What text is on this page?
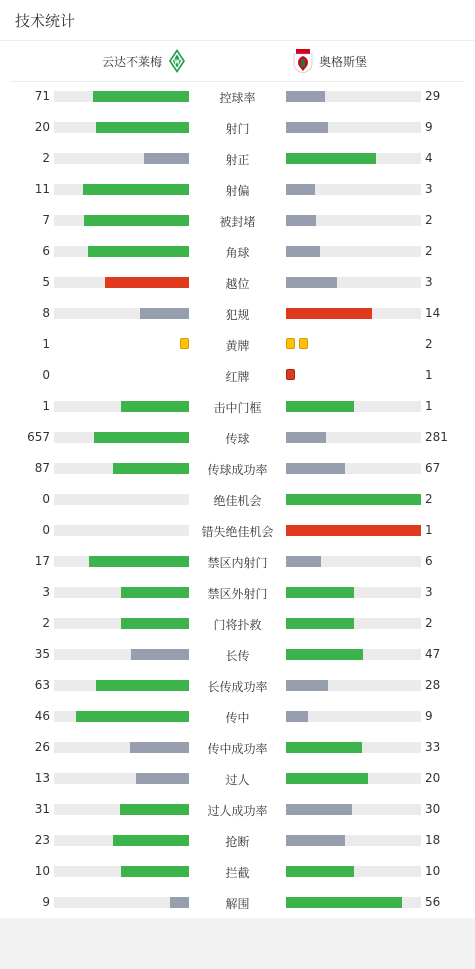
技术统计
云达不莱梅	奥格斯堡
71	控球率	29
20	射门	9
2	射正	4
11	射偏	3
7	被封堵	2
6	角球	2
5	越位	3
8	犯规	14
1	黄牌	2
0	红牌	1
1	击中门框	1
657	传球	281
87	传球成功率	67
0	绝佳机会	2
0	错失绝佳机会	1
17	禁区内射门	6
3	禁区外射门	3
2	门将扑救	2
35	长传	47
63	长传成功率	28
46	传中	9
26	传中成功率	33
13	过人	20
31	过人成功率	30
23	抢断	18
10	拦截	10
9	解围	56
